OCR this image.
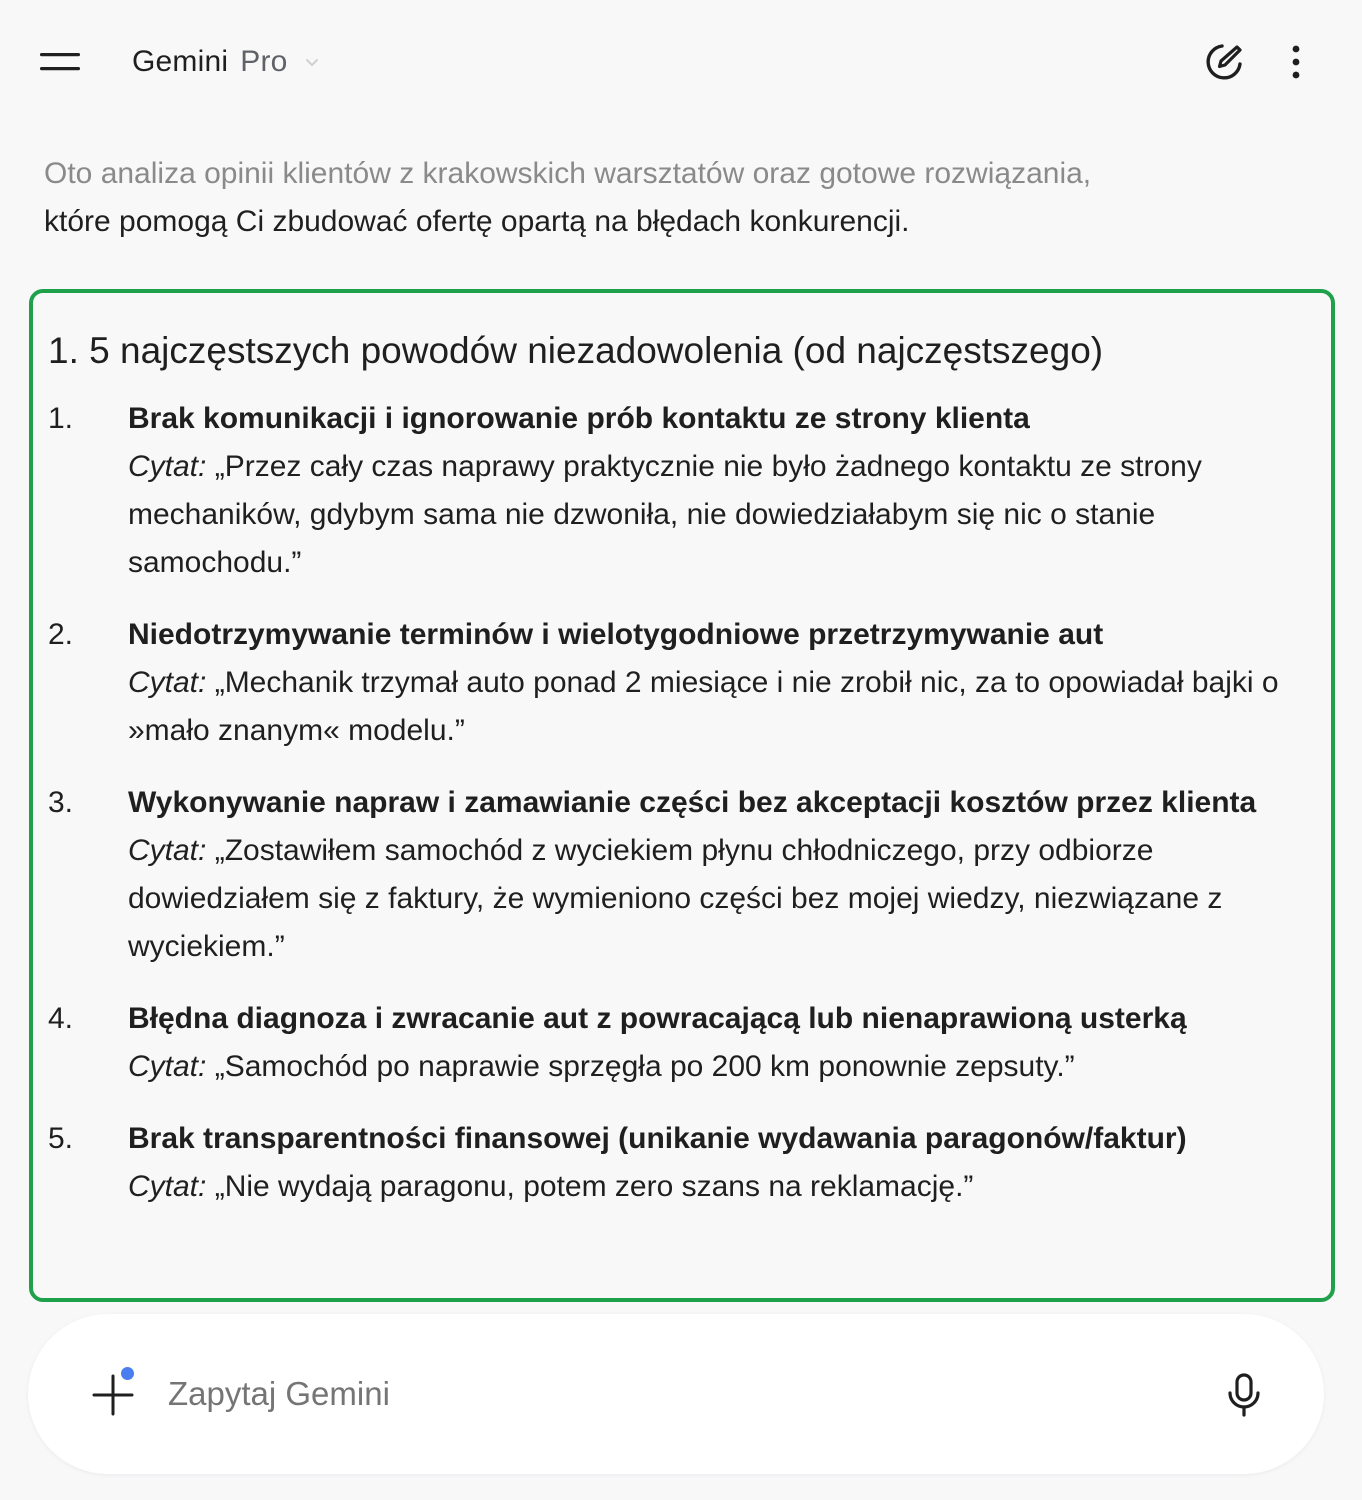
Gemini Pro
Oto analiza opinii klientów z krakowskich warsztatów oraz gotowe rozwiązania,
które pomogą Ci zbudować ofertę opartą na błędach konkurencji.
1. 5 najczęstszych powodów niezadowolenia (od najczęstszego)
1.	Brak komunikacji i ignorowanie prób kontaktu ze strony klienta
Cytat: „Przez cały czas naprawy praktycznie nie było żadnego kontaktu ze strony mechaników, gdybym sama nie dzwoniła, nie dowiedziałabym się nic o stanie samochodu.”
2.	Niedotrzymywanie terminów i wielotygodniowe przetrzymywanie aut
Cytat: „Mechanik trzymał auto ponad 2 miesiące i nie zrobił nic, za to opowiadał bajki o »mało znanym« modelu.”
3.	Wykonywanie napraw i zamawianie części bez akceptacji kosztów przez klienta
Cytat: „Zostawiłem samochód z wyciekiem płynu chłodniczego, przy odbiorze dowiedziałem się z faktury, że wymieniono części bez mojej wiedzy, niezwiązane z wyciekiem.”
4.	Błędna diagnoza i zwracanie aut z powracającą lub nienaprawioną usterką
Cytat: „Samochód po naprawie sprzęgła po 200 km ponownie zepsuty.”
5.	Brak transparentności finansowej (unikanie wydawania paragonów/faktur)
Cytat: „Nie wydają paragonu, potem zero szans na reklamację.”
Zapytaj Gemini
